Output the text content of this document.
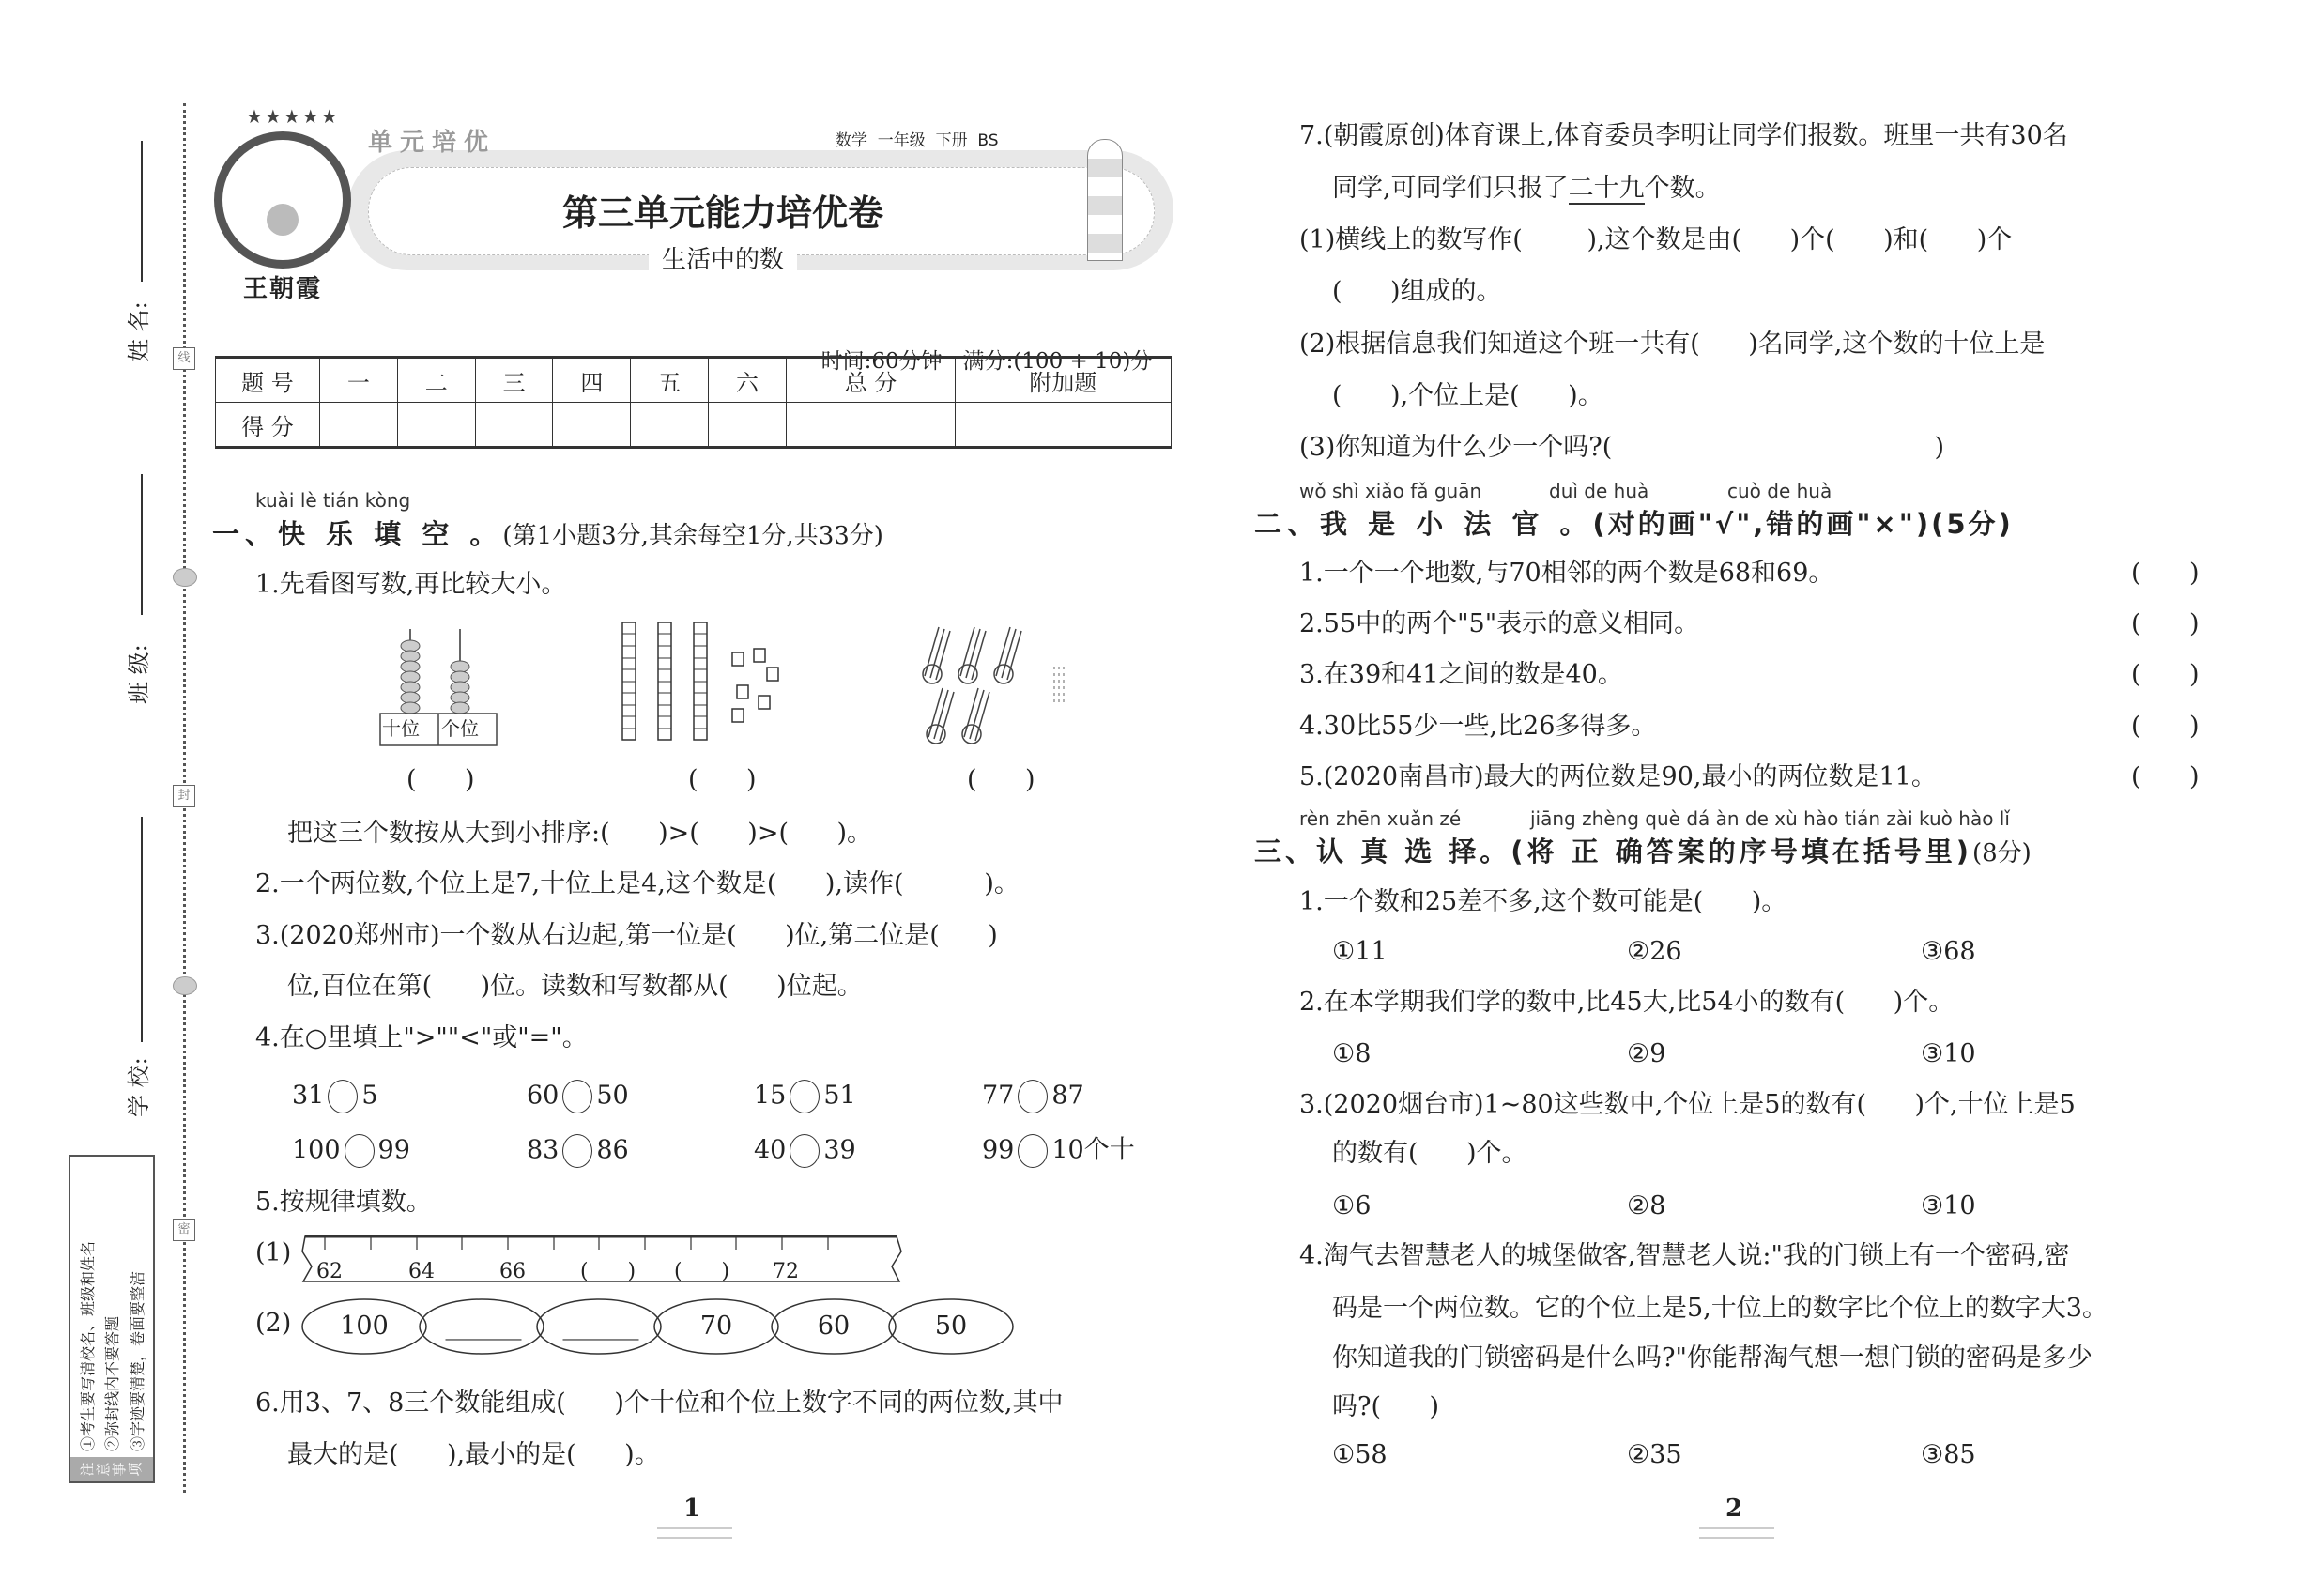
线
封
密
姓 名:
班 级:
学 校:
注意事项
①考生要写清校名、班级和姓名 ②弥封线内不要答题 ③字迹要清楚，卷面要整洁

王朝霞

★★★★★
单元培优	数学  一年级  下册  BS
第三单元能力培优卷
生活中的数

时间:60分钟 满分:(100 + 10)分

题 号	一	二	三	四	五	六	总 分	附加题
得 分								
kuài lè tián kòng
一、快 乐 填 空 。(第1小题3分,其余每空1分,共33分)
1.先看图写数,再比较大小。
十位 个位
(      )	(      )	(      )
把这三个数按从大到小排序:(      )>(      )>(      )。
2.一个两位数,个位上是7,十位上是4,这个数是(      ),读作(          )。
3.(2020郑州市)一个数从右边起,第一位是(      )位,第二位是(      )
位,百位在第(      )位。读数和写数都从(      )位起。
4.在○里填上">""<"或"="。
31 5	60 50	15 51	77 87
100 99	83 86	40 39	99 10个十
5.按规律填数。
(1)
62	64	66	(      ) (      ) 72
(2)	100	______ ______	70	60	50
6.用3、7、8三个数能组成(      )个十位和个位上数字不同的两位数,其中
最大的是(      ),最小的是(      )。
1
7.(朝霞原创)体育课上,体育委员李明让同学们报数。班里一共有30名
同学,可同学们只报了二十九个数。
(1)横线上的数写作(        ),这个数是由(      )个(      )和(      )个
(      )组成的。
(2)根据信息我们知道这个班一共有(      )名同学,这个数的十位上是
(      ),个位上是(      )。
(3)你知道为什么少一个吗?(                                        )
wǒ shì xiǎo fǎ guān	duì de huà	cuò de huà
二、我 是 小 法 官 。(对的画"√",错的画"×")(5分)
1.一个一个地数,与70相邻的两个数是68和69。	(      )
2.55中的两个"5"表示的意义相同。	(      )
3.在39和41之间的数是40。	(      )
4.30比55少一些,比26多得多。	(      )
5.(2020南昌市)最大的两位数是90,最小的两位数是11。	(      )
rèn zhēn xuǎn zé	jiāng zhèng què dá àn de xù hào tián zài kuò hào lǐ
三、认 真 选 择。(将 正 确答案的序号填在括号里)(8分)
1.一个数和25差不多,这个数可能是(      )。
①11	②26	③68
2.在本学期我们学的数中,比45大,比54小的数有(      )个。
①8	②9	③10
3.(2020烟台市)1~80这些数中,个位上是5的数有(      )个,十位上是5
的数有(      )个。
①6	②8	③10
4.淘气去智慧老人的城堡做客,智慧老人说:"我的门锁上有一个密码,密
码是一个两位数。它的个位上是5,十位上的数字比个位上的数字大3。
你知道我的门锁密码是什么吗?"你能帮淘气想一想门锁的密码是多少
吗?(      )
①58	②35	③85
2
